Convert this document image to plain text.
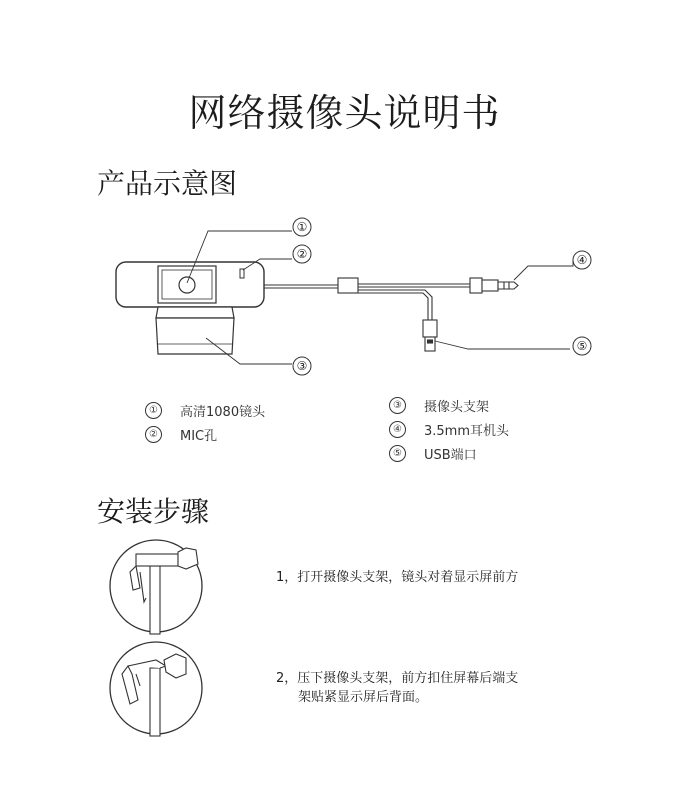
网络摄像头说明书
产品示意图
①
②
③
④
⑤
①	高清1080镜头
②	MIC孔
③	摄像头支架
④	3.5mm耳机头
⑤	USB端口
安装步骤
1，打开摄像头支架，镜头对着显示屏前方
2，压下摄像头支架，前方扣住屏幕后端支
架贴紧显示屏后背面。
